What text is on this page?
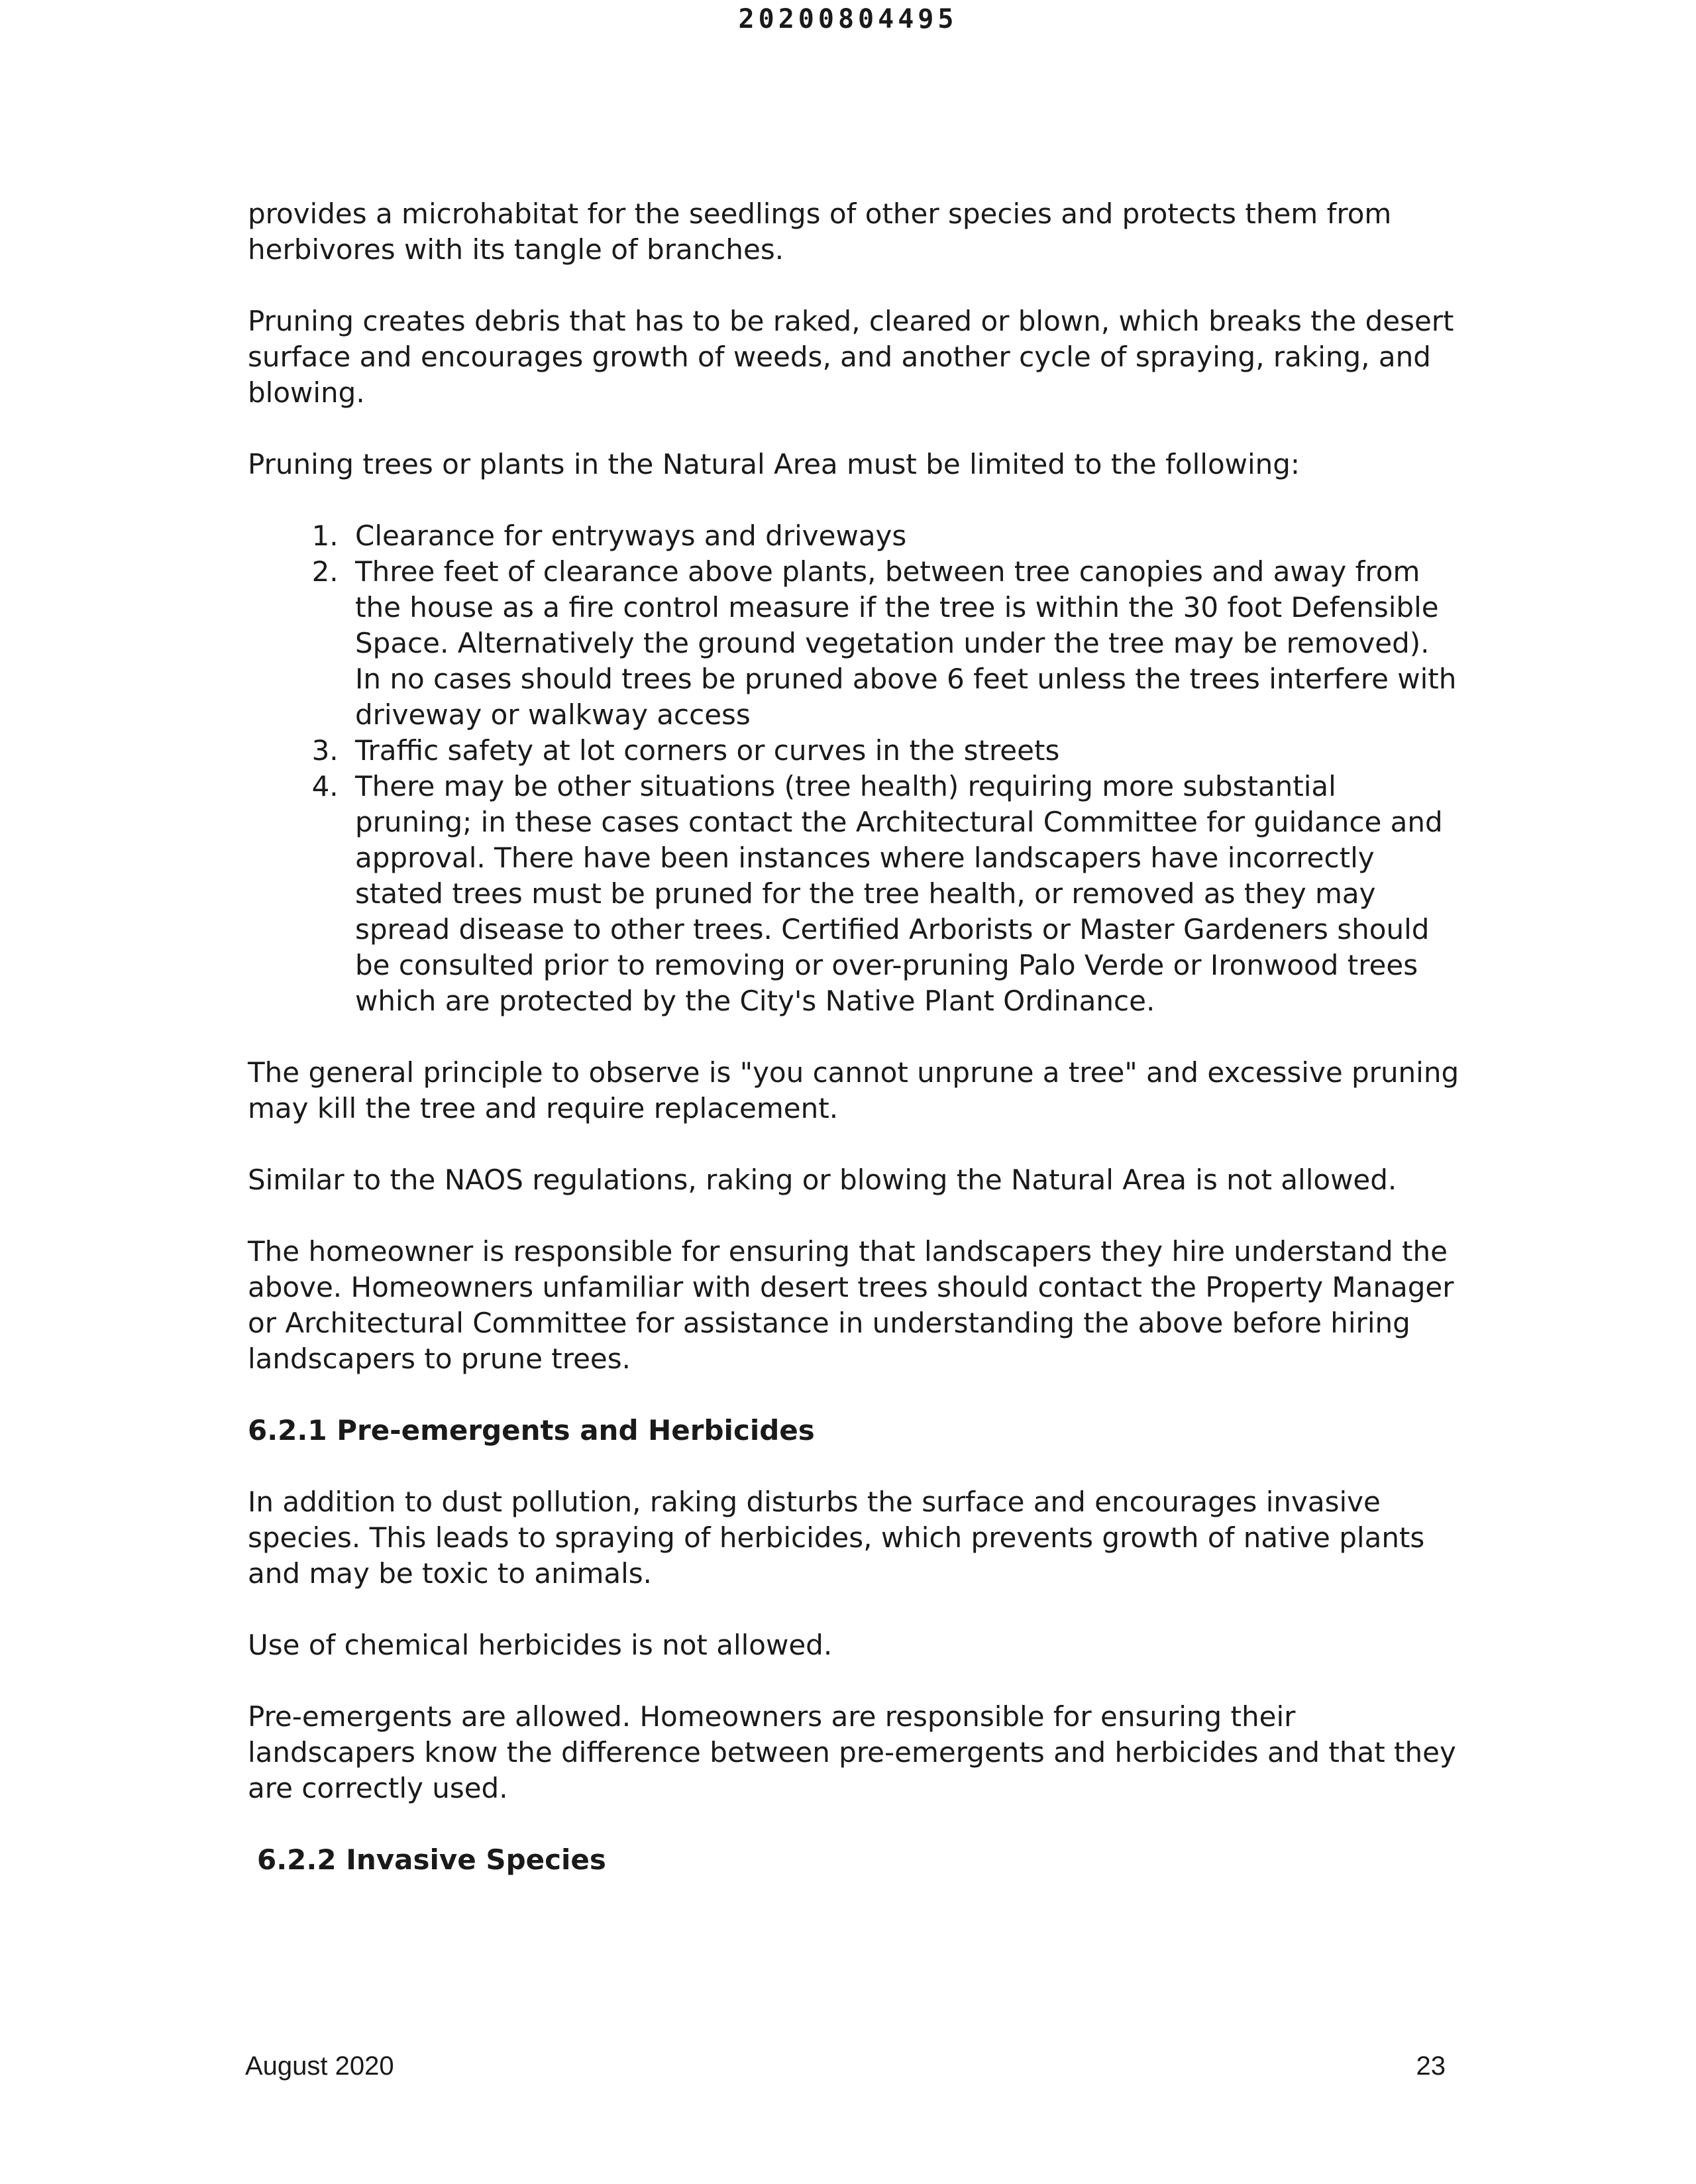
20200804495

provides a microhabitat for the seedlings of other species and protects them from herbivores with its tangle of branches.

Pruning creates debris that has to be raked, cleared or blown, which breaks the desert surface and encourages growth of weeds, and another cycle of spraying, raking, and blowing.

Pruning trees or plants in the Natural Area must be limited to the following:

1. Clearance for entryways and driveways
2. Three feet of clearance above plants, between tree canopies and away from the house as a fire control measure if the tree is within the 30 foot Defensible Space. Alternatively the ground vegetation under the tree may be removed). In no cases should trees be pruned above 6 feet unless the trees interfere with driveway or walkway access
3. Traffic safety at lot corners or curves in the streets
4. There may be other situations (tree health) requiring more substantial pruning; in these cases contact the Architectural Committee for guidance and approval. There have been instances where landscapers have incorrectly stated trees must be pruned for the tree health, or removed as they may spread disease to other trees. Certified Arborists or Master Gardeners should be consulted prior to removing or over-pruning Palo Verde or Ironwood trees which are protected by the City's Native Plant Ordinance.

The general principle to observe is "you cannot unprune a tree" and excessive pruning may kill the tree and require replacement.

Similar to the NAOS regulations, raking or blowing the Natural Area is not allowed.

The homeowner is responsible for ensuring that landscapers they hire understand the above. Homeowners unfamiliar with desert trees should contact the Property Manager or Architectural Committee for assistance in understanding the above before hiring landscapers to prune trees.

6.2.1 Pre-emergents and Herbicides

In addition to dust pollution, raking disturbs the surface and encourages invasive species. This leads to spraying of herbicides, which prevents growth of native plants and may be toxic to animals.

Use of chemical herbicides is not allowed.

Pre-emergents are allowed. Homeowners are responsible for ensuring their landscapers know the difference between pre-emergents and herbicides and that they are correctly used.

6.2.2 Invasive Species
August 2020	23
